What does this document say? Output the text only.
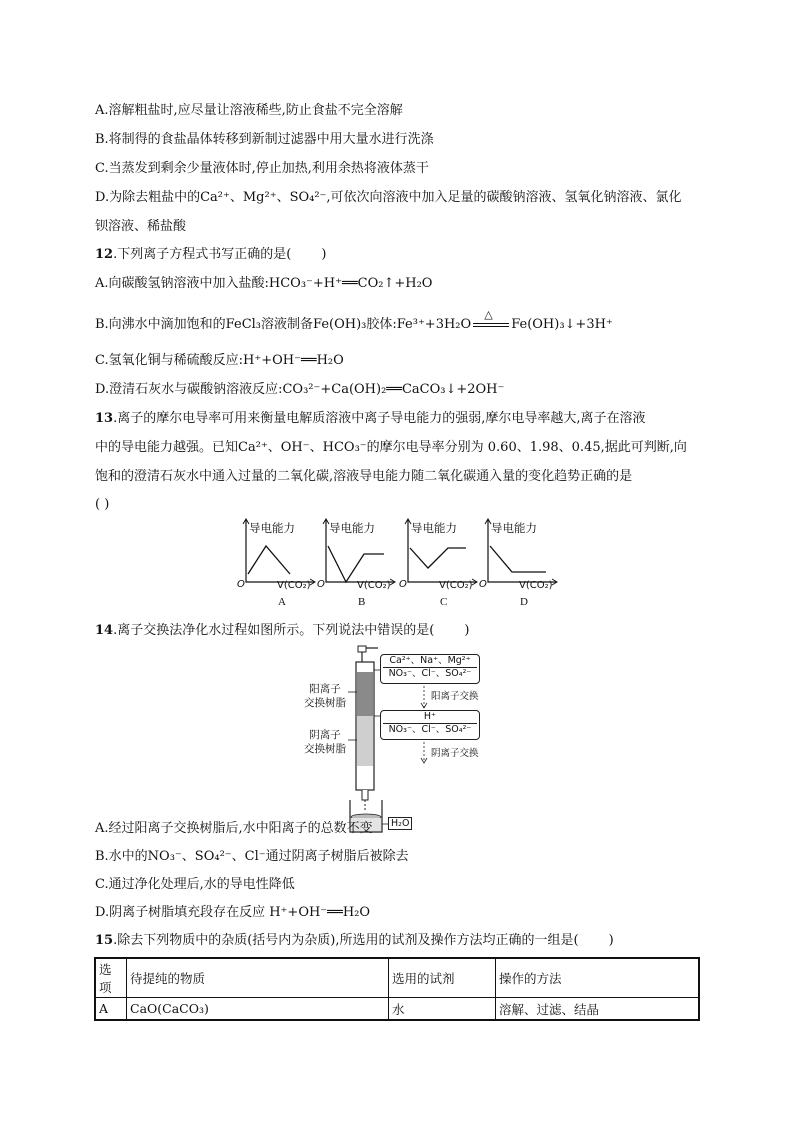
A.溶解粗盐时,应尽量让溶液稀些,防止食盐不完全溶解
B.将制得的食盐晶体转移到新制过滤器中用大量水进行洗涤
C.当蒸发到剩余少量液体时,停止加热,利用余热将液体蒸干
D.为除去粗盐中的Ca²⁺、Mg²⁺、SO₄²⁻,可依次向溶液中加入足量的碳酸钠溶液、氢氧化钠溶液、氯化
钡溶液、稀盐酸
12.下列离子方程式书写正确的是( )
A.向碳酸氢钠溶液中加入盐酸:HCO₃⁻+H⁺══CO₂↑+H₂O
B.向沸水中滴加饱和的FeCl₃溶液制备Fe(OH)₃胶体:Fe³⁺+3H₂O
△
Fe(OH)₃↓+3H⁺
C.氢氧化铜与稀硫酸反应:H⁺+OH⁻══H₂O
D.澄清石灰水与碳酸钠溶液反应:CO₃²⁻+Ca(OH)₂══CaCO₃↓+2OH⁻
13.离子的摩尔电导率可用来衡量电解质溶液中离子导电能力的强弱,摩尔电导率越大,离子在溶液
中的导电能力越强。已知Ca²⁺、OH⁻、HCO₃⁻的摩尔电导率分别为 0.60、1.98、0.45,据此可判断,向
饱和的澄清石灰水中通入过量的二氧化碳,溶液导电能力随二氧化碳通入量的变化趋势正确的是
( )
导电能力
O	V(CO₂)
A
导电能力
O	V(CO₂)
B
导电能力
O	V(CO₂)
C
导电能力
O	V(CO₂)
D
14.离子交换法净化水过程如图所示。下列说法中错误的是( )
阳离子
交换树脂
阴离子
交换树脂
Ca²⁺、Na⁺、Mg²⁺
NO₃⁻、Cl⁻、SO₄²⁻
阳离子交换
H⁺
NO₃⁻、Cl⁻、SO₄²⁻
阴离子交换
H₂O
A.经过阳离子交换树脂后,水中阳离子的总数不变
B.水中的NO₃⁻、SO₄²⁻、Cl⁻通过阴离子树脂后被除去
C.通过净化处理后,水的导电性降低
D.阴离子树脂填充段存在反应 H⁺+OH⁻══H₂O
15.除去下列物质中的杂质(括号内为杂质),所选用的试剂及操作方法均正确的一组是( )
选项	待提纯的物质	选用的试剂	操作的方法
A	CaO(CaCO₃)	水	溶解、过滤、结晶
